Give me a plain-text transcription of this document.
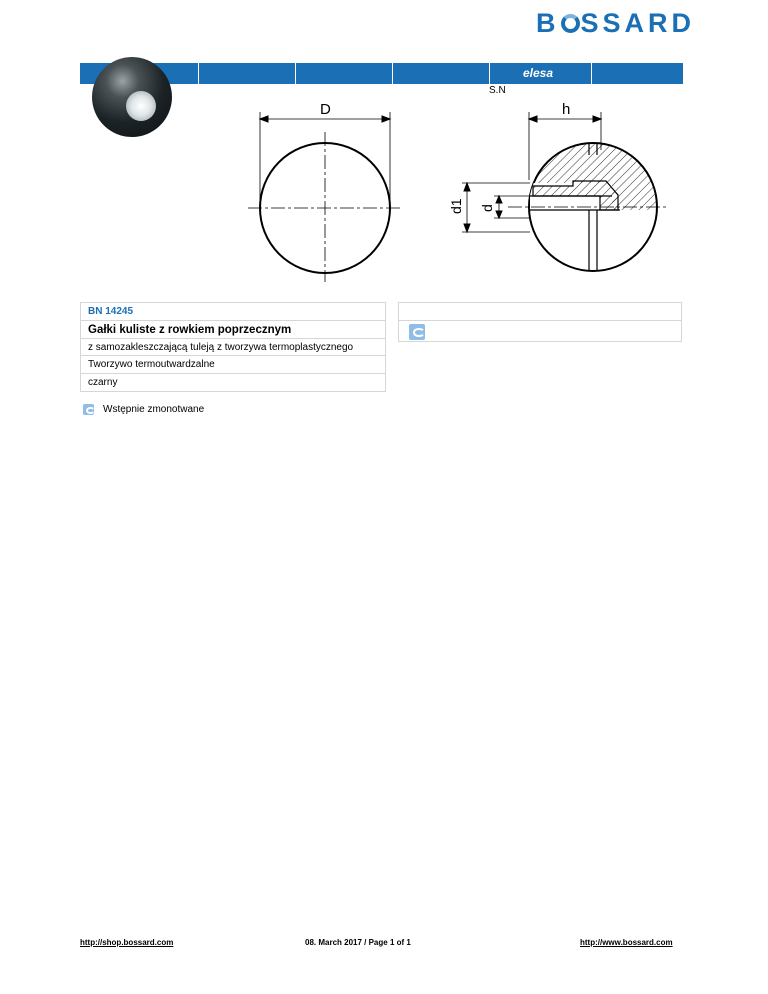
B SSARD
elesa
S.N
D	h
d1 d
BN 14245
Gałki kuliste z rowkiem poprzecznym
z samozakleszczającą tuleją z tworzywa termoplastycznego
Tworzywo termoutwardzalne
czarny
Wstępnie zmonotwane
http://shop.bossard.com	08. March 2017 / Page 1 of 1	http://www.bossard.com
